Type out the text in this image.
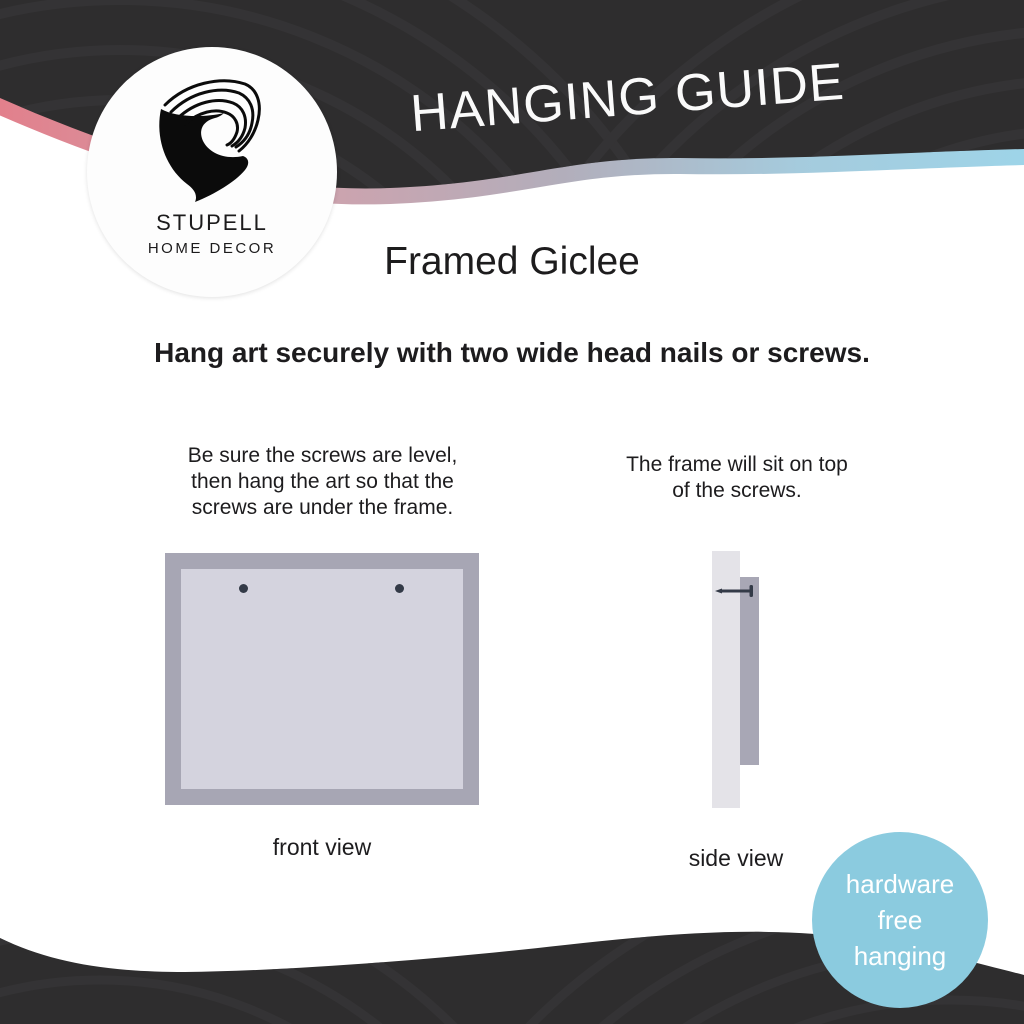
HANGING GUIDE
STUPELL
HOME DECOR	Framed Giclee
Hang art securely with two wide head nails or screws.
Be sure the screws are level,
then hang the art so that the
screws are under the frame.
The frame will sit on top
of the screws.
front view	side view
hardware
free
hanging
